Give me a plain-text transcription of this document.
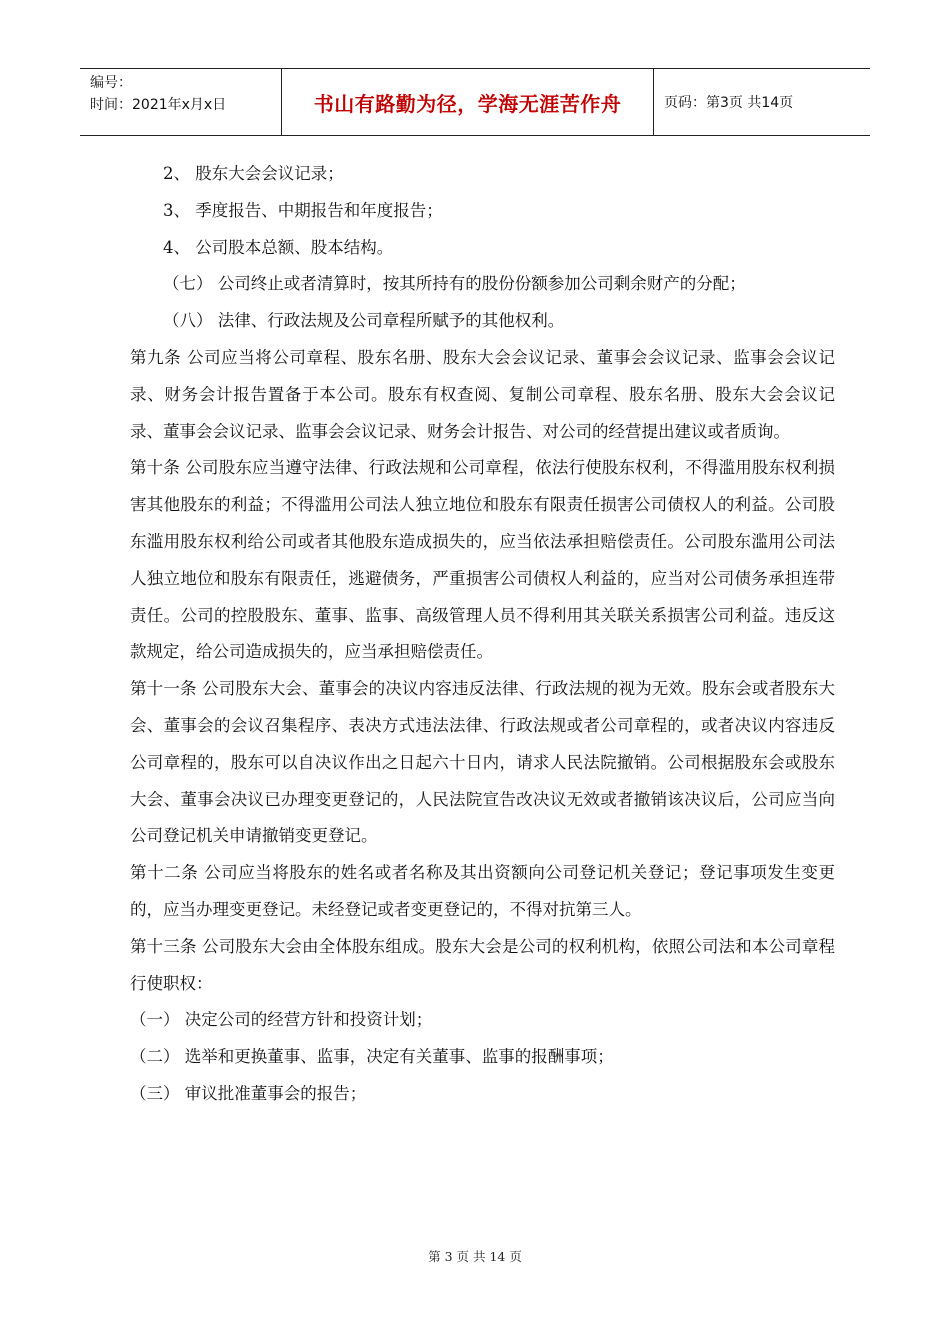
编号：
时间：2021年x月x日	书山有路勤为径，学海无涯苦作舟	页码：第3页 共14页

2、 股东大会会议记录；

3、 季度报告、中期报告和年度报告；

4、 公司股本总额、股本结构。

（七） 公司终止或者清算时，按其所持有的股份份额参加公司剩余财产的分配；

（八） 法律、行政法规及公司章程所赋予的其他权利。

第九条 公司应当将公司章程、股东名册、股东大会会议记录、董事会会议记录、监事会会议记录、财务会计报告置备于本公司。股东有权查阅、复制公司章程、股东名册、股东大会会议记录、董事会会议记录、监事会会议记录、财务会计报告、对公司的经营提出建议或者质询。

第十条 公司股东应当遵守法律、行政法规和公司章程，依法行使股东权利，不得滥用股东权利损害其他股东的利益；不得滥用公司法人独立地位和股东有限责任损害公司债权人的利益。公司股东滥用股东权利给公司或者其他股东造成损失的，应当依法承担赔偿责任。公司股东滥用公司法人独立地位和股东有限责任，逃避债务，严重损害公司债权人利益的，应当对公司债务承担连带责任。公司的控股股东、董事、监事、高级管理人员不得利用其关联关系损害公司利益。违反这款规定，给公司造成损失的，应当承担赔偿责任。

第十一条 公司股东大会、董事会的决议内容违反法律、行政法规的视为无效。股东会或者股东大会、董事会的会议召集程序、表决方式违法法律、行政法规或者公司章程的，或者决议内容违反公司章程的，股东可以自决议作出之日起六十日内，请求人民法院撤销。公司根据股东会或股东大会、董事会决议已办理变更登记的，人民法院宣告改决议无效或者撤销该决议后，公司应当向公司登记机关申请撤销变更登记。

第十二条 公司应当将股东的姓名或者名称及其出资额向公司登记机关登记；登记事项发生变更的，应当办理变更登记。未经登记或者变更登记的，不得对抗第三人。

第十三条 公司股东大会由全体股东组成。股东大会是公司的权利机构，依照公司法和本公司章程行使职权：

（一） 决定公司的经营方针和投资计划；

（二） 选举和更换董事、监事，决定有关董事、监事的报酬事项；

（三） 审议批准董事会的报告；

第 3 页 共 14 页
